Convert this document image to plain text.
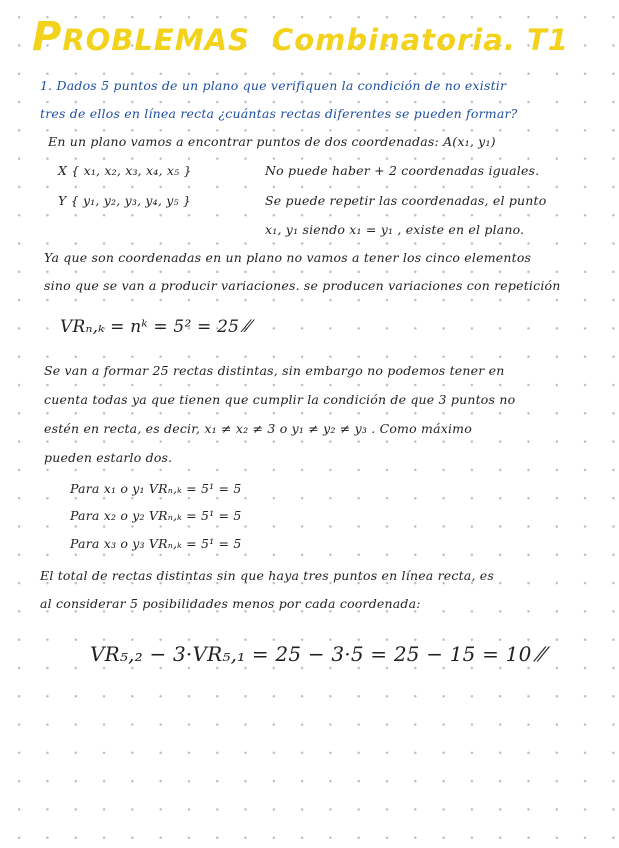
PROBLEMAS Combinatoria. T1
1. Dados 5 puntos de un plano que verifiquen la condición de no existir
tres de ellos en línea recta ¿cuántas rectas diferentes se pueden formar?
En un plano vamos a encontrar puntos de dos coordenadas: A(x₁, y₁)
X { x₁, x₂, x₃, x₄, x₅ }	No puede haber + 2 coordenadas iguales.
Y { y₁, y₂, y₃, y₄, y₅ }	Se puede repetir las coordenadas, el punto
x₁, y₁ siendo x₁ = y₁ , existe en el plano.
Ya que son coordenadas en un plano no vamos a tener los cinco elementos
sino que se van a producir variaciones. se producen variaciones con repetición
VRₙ,ₖ = nᵏ = 5² = 25 ⁄⁄
Se van a formar 25 rectas distintas, sin embargo no podemos tener en
cuenta todas ya que tienen que cumplir la condición de que 3 puntos no
estén en recta, es decir, x₁ ≠ x₂ ≠ 3 o y₁ ≠ y₂ ≠ y₃ . Como máximo
pueden estarlo dos.
Para x₁ o y₁ VRₙ,ₖ = 5¹ = 5
Para x₂ o y₂ VRₙ,ₖ = 5¹ = 5
Para x₃ o y₃ VRₙ,ₖ = 5¹ = 5
El total de rectas distintas sin que haya tres puntos en línea recta, es
al considerar 5 posibilidades menos por cada coordenada:
VR₅,₂ − 3·VR₅,₁ = 25 − 3·5 = 25 − 15 = 10 ⁄⁄
